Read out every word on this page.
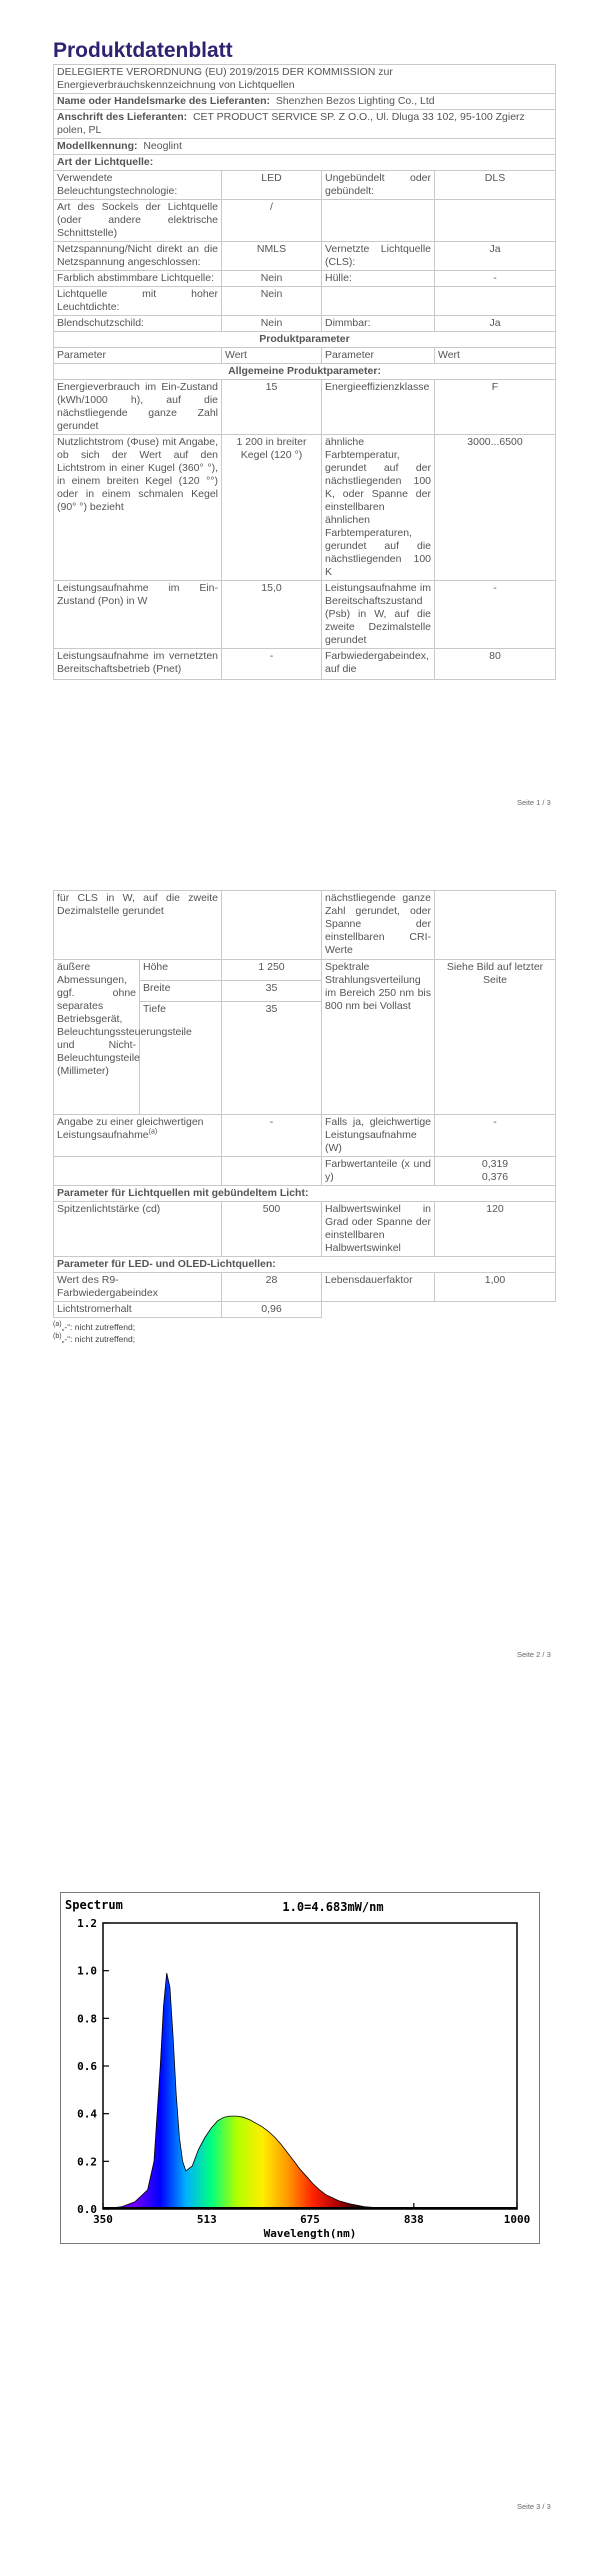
Produktdatenblatt
DELEGIERTE VERORDNUNG (EU) 2019/2015 DER KOMMISSION zur Energieverbrauchskennzeichnung von Lichtquellen			
Name oder Handelsmarke des Lieferanten: Shenzhen Bezos Lighting Co., Ltd			
Anschrift des Lieferanten: CET PRODUCT SERVICE SP. Z O.O., Ul. Dluga 33 102, 95-100 Zgierz polen, PL			
Modellkennung: Neoglint			
Art der Lichtquelle:			
Verwendete Beleuchtungstechnologie:	LED	Ungebündelt oder gebündelt:	DLS
Art des Sockels der Lichtquelle (oder andere elektrische Schnittstelle)	/		
Netzspannung/Nicht direkt an die Netzspannung angeschlossen:	NMLS	Vernetzte Lichtquelle (CLS):	Ja
Farblich abstimmbare Lichtquelle:	Nein	Hülle:	-
Lichtquelle mit hoher Leuchtdichte:	Nein		
Blendschutzschild:	Nein	Dimmbar:	Ja
Produktparameter			
Parameter	Wert	Parameter	Wert
Allgemeine Produktparameter:			
Energieverbrauch im Ein-Zustand (kWh/1000 h), auf die nächstliegende ganze Zahl gerundet	15	Energieeffizienzklasse	F
Nutzlichtstrom (Φuse) mit Angabe, ob sich der Wert auf den Lichtstrom in einer Kugel (360° °), in einem breiten Kegel (120 °°) oder in einem schmalen Kegel (90° °) bezieht	1 200 in breiter Kegel (120 °)	ähnliche Farbtemperatur, gerundet auf der nächstliegenden 100 K, oder Spanne der einstellbaren ähnlichen Farbtemperaturen, gerundet auf die nächstliegenden 100 K	3000...6500
Leistungsaufnahme im Ein-Zustand (Pon) in W	15,0	Leistungsaufnahme im Bereitschaftszustand (Psb) in W, auf die zweite Dezimalstelle gerundet	-
Leistungsaufnahme im vernetzten Bereitschaftsbetrieb (Pnet)	-	Farbwiedergabeindex, auf die	80
Seite 1 / 3
für CLS in W, auf die zweite Dezimalstelle gerundet			nächstliegende ganze Zahl gerundet, oder Spanne der einstellbaren CRI-Werte	
äußere Abmessungen, ggf. ohne separates Betriebsgerät, Beleuchtungssteuerungsteile und Nicht-Beleuchtungsteile (Millimeter)	Höhe	1 250	Spektrale Strahlungsverteilung im Bereich 250 nm bis 800 nm bei Vollast	Siehe Bild auf letzter Seite
	Breite	35		
	Tiefe	35		
Angabe zu einer gleichwertigen Leistungsaufnahme$^{(a)}$		-	Falls ja, gleichwertige Leistungsaufnahme (W)	-
			Farbwertanteile (x und y)	0,319
0,376

Parameter für Lichtquellen mit gebündeltem Licht:				
Spitzenlichtstärke (cd)		500	Halbwertswinkel in Grad oder Spanne der einstellbaren Halbwertswinkel	120
Parameter für LED- und OLED-Lichtquellen:				
Wert des R9-Farbwiedergabeindex		28	Lebensdauerfaktor	1,00
Lichtstromerhalt		0,96		
$^{(a)}$„-“: nicht zutreffend;
$^{(b)}$„-“: nicht zutreffend;
Seite 2 / 3
0.0
0.2
0.4
0.6
0.8
1.0
1.2
350	513	675	838	1000
Spectrum	1.0=4.683mW/nm
Wavelength(nm)
Seite 3 / 3
